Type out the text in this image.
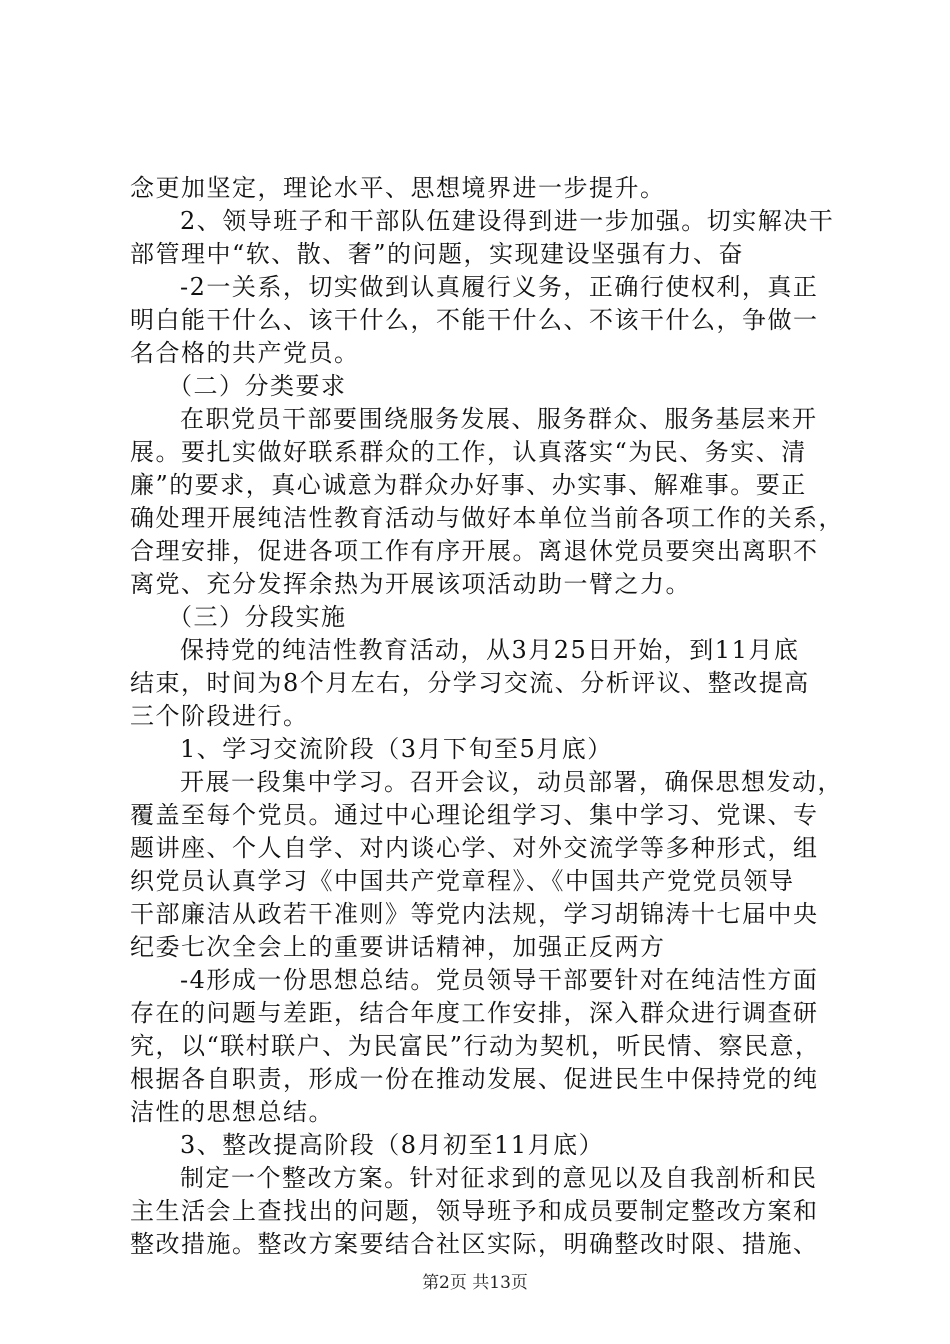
念更加坚定，理论水平、思想境界进一步提升。
2、领导班子和干部队伍建设得到进一步加强。切实解决干
部管理中“软、散、奢”的问题，实现建设坚强有力、奋
-2一关系，切实做到认真履行义务，正确行使权利，真正
明白能干什么、该干什么，不能干什么、不该干什么，争做一
名合格的共产党员。
（二）分类要求
在职党员干部要围绕服务发展、服务群众、服务基层来开
展。要扎实做好联系群众的工作，认真落实“为民、务实、清
廉”的要求，真心诚意为群众办好事、办实事、解难事。要正
确处理开展纯洁性教育活动与做好本单位当前各项工作的关系，
合理安排，促进各项工作有序开展。离退休党员要突出离职不
离党、充分发挥余热为开展该项活动助一臂之力。
（三）分段实施
保持党的纯洁性教育活动，从3月25日开始，到11月底
结束，时间为8个月左右，分学习交流、分析评议、整改提高
三个阶段进行。
1、学习交流阶段（3月下旬至5月底）
开展一段集中学习。召开会议，动员部署，确保思想发动，
覆盖至每个党员。通过中心理论组学习、集中学习、党课、专
题讲座、个人自学、对内谈心学、对外交流学等多种形式，组
织党员认真学习《中国共产党章程》、《中国共产党党员领导
干部廉洁从政若干准则》等党内法规，学习胡锦涛十七届中央
纪委七次全会上的重要讲话精神，加强正反两方
-4形成一份思想总结。党员领导干部要针对在纯洁性方面
存在的问题与差距，结合年度工作安排，深入群众进行调查研
究，以“联村联户、为民富民”行动为契机，听民情、察民意，
根据各自职责，形成一份在推动发展、促进民生中保持党的纯
洁性的思想总结。
3、整改提高阶段（8月初至11月底）
制定一个整改方案。针对征求到的意见以及自我剖析和民
主生活会上查找出的问题，领导班予和成员要制定整改方案和
整改措施。整改方案要结合社区实际，明确整改时限、措施、
第2页 共13页
